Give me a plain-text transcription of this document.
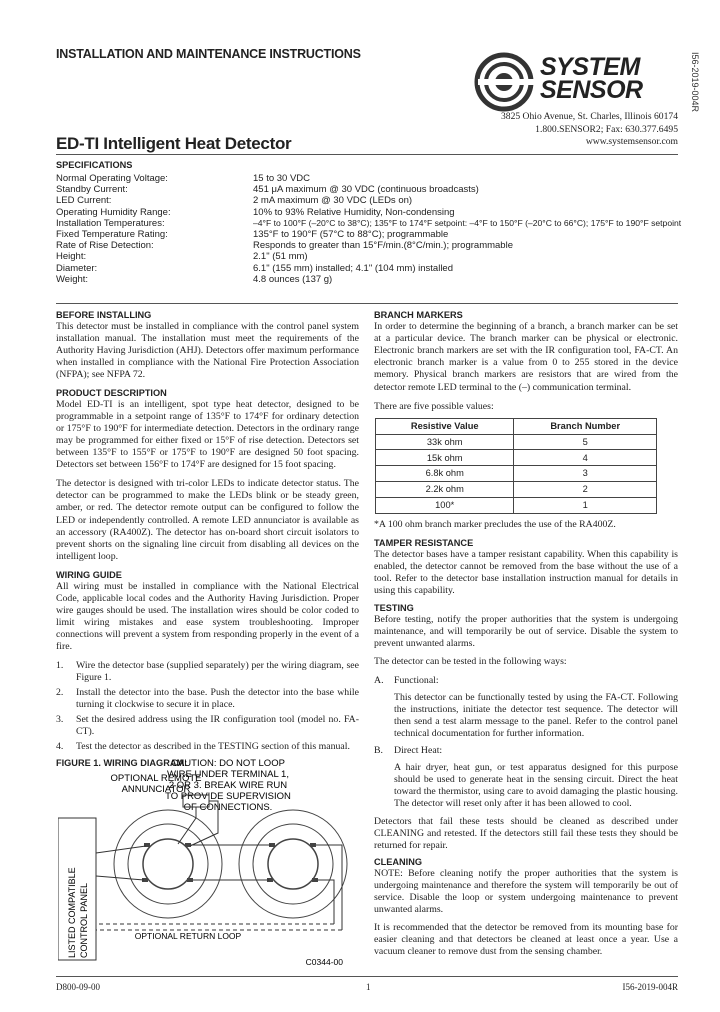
INSTALLATION AND MAINTENANCE INSTRUCTIONS	SYSTEM
SENSOR	I56-2019-004R
3825 Ohio Avenue, St. Charles, Illinois 60174
1.800.SENSOR2; Fax: 630.377.6495
www.systemsensor.com
ED-TI Intelligent Heat Detector
SPECIFICATIONS
Normal Operating Voltage:	15 to 30 VDC
Standby Current:	451 μA maximum @ 30 VDC (continuous broadcasts)
LED Current:	2 mA maximum @ 30 VDC (LEDs on)
Operating Humidity Range:	10% to 93% Relative Humidity, Non-condensing
Installation Temperatures:	–4°F to 100°F (–20°C to 38°C); 135°F to 174°F setpoint: –4°F to 150°F (–20°C to 66°C); 175°F to 190°F setpoint
Fixed Temperature Rating:	135°F to 190°F (57°C to 88°C); programmable
Rate of Rise Detection:	Responds to greater than 15°F/min.(8°C/min.); programmable
Height:	2.1" (51 mm)
Diameter:	6.1" (155 mm) installed; 4.1" (104 mm) installed
Weight:	4.8 ounces (137 g)
BEFORE INSTALLING

This detector must be installed in compliance with the control panel system installation manual. The installation must meet the requirements of the Authority Having Jurisdiction (AHJ). Detectors offer maximum performance when installed in compliance with the National Fire Protection Association (NFPA); see NFPA 72.

PRODUCT DESCRIPTION

Model ED-TI is an intelligent, spot type heat detector, designed to be programmable in a setpoint range of 135°F to 174°F for ordinary detection or 175°F to 190°F for intermediate detection. Detectors in the ordinary range may be programmed for either fixed or 15°F of rise detection. Detectors set between 135°F to 155°F or 175°F to 190°F are designed 50 foot spacing. Detectors set between 156°F to 174°F are designed for 15 foot spacing.

The detector is designed with tri-color LEDs to indicate detector status. The detector can be programmed to make the LEDs blink or be steady green, amber, or red. The detector remote output can be configured to follow the LED or independently controlled. A remote LED annunciator is available as an accessory (RA400Z). The detector has on-board short circuit isolators to prevent shorts on the signaling line circuit from disabling all devices on the intelligent loop.

WIRING GUIDE

All wiring must be installed in compliance with the National Electrical Code, applicable local codes and the Authority Having Jurisdiction. Proper wire gauges should be used. The installation wires should be color coded to limit wiring mistakes and ease system troubleshooting. Improper connections will prevent a system from responding properly in the event of a fire.

1.	Wire the detector base (supplied separately) per the wiring diagram, see Figure 1.
2.	Install the detector into the base. Push the detector into the base while turning it clockwise to secure it in place.
3.	Set the desired address using the IR configuration tool (model no. FA-CT).
4.	Test the detector as described in the TESTING section of this manual.
FIGURE 1. WIRING DIAGRAM:
CAUTION: DO NOT LOOP
WIRE UNDER TERMINAL 1,
2 OR 3. BREAK WIRE RUN
TO PROVIDE SUPERVISION
OF CONNECTIONS.
OPTIONAL REMOTE
ANNUNCIATOR
LISTED COMPATIBLE CONTROL PANEL	OPTIONAL RETURN LOOP
C0344-00
BRANCH MARKERS

In order to determine the beginning of a branch, a branch marker can be set at a particular device. The branch marker can be physical or electronic. Electronic branch markers are set with the IR configuration tool, FA-CT. An electronic branch marker is a value from 0 to 255 stored in the device memory. Physical branch markers are resistors that are wired from the detector remote LED terminal to the (–) communication terminal.

There are five possible values:

Resistive Value	Branch Number
33k ohm	5
15k ohm	4
6.8k ohm	3
2.2k ohm	2
100*	1

*A 100 ohm branch marker precludes the use of the RA400Z.

TAMPER RESISTANCE

The detector bases have a tamper resistant capability. When this capability is enabled, the detector cannot be removed from the base without the use of a tool. Refer to the detector base installation instruction manual for details in using this capability.

TESTING

Before testing, notify the proper authorities that the system is undergoing maintenance, and will temporarily be out of service. Disable the system to prevent unwanted alarms.

The detector can be tested in the following ways:

A.	Functional:

This detector can be functionally tested by using the FA-CT. Following the instructions, initiate the detector test sequence. The detector will then send a test alarm message to the panel. Refer to the control panel technical documentation for further information.

B.	Direct Heat:

A hair dryer, heat gun, or test apparatus designed for this purpose should be used to generate heat in the sensing circuit. Direct the heat toward the thermistor, using care to avoid damaging the plastic housing. The detector will reset only after it has been allowed to cool.

Detectors that fail these tests should be cleaned as described under CLEANING and retested. If the detectors still fail these tests they should be returned for repair.

CLEANING

NOTE: Before cleaning notify the proper authorities that the system is undergoing maintenance and therefore the system will temporarily be out of service. Disable the loop or system undergoing maintenance to prevent unwanted alarms.

It is recommended that the detector be removed from its mounting base for easier cleaning and that detectors be cleaned at least once a year. Use a vacuum cleaner to remove dust from the sensing chamber.

D800-09-00	1	I56-2019-004R
